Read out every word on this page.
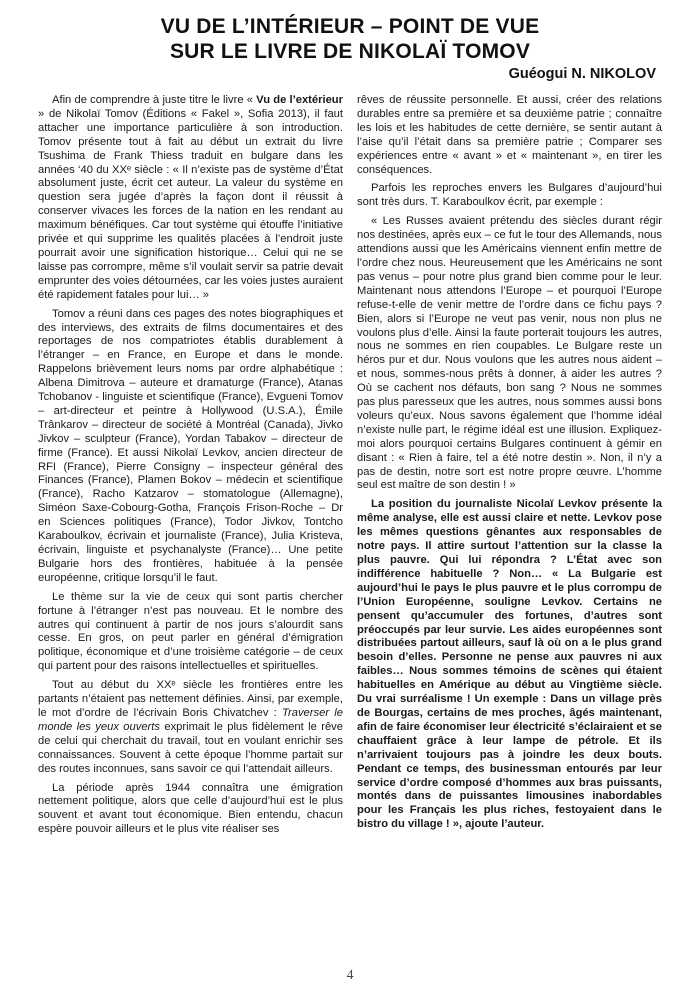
VU DE L’INTÉRIEUR – POINT DE VUE
SUR LE LIVRE DE NIKOLAÏ TOMOV
Guéogui N. NIKOLOV

Afin de comprendre à juste titre le livre « Vu de l’extérieur » de Nikolaï Tomov (Éditions « Fakel », Sofia 2013), il faut attacher une importance particulière à son introduction. Tomov présente tout à fait au début un extrait du livre Tsushima de Frank Thiess traduit en bulgare dans les années ‘40 du XXᵉ siècle : « Il n’existe pas de système d’État absolument juste, écrit cet auteur. La valeur du système en question sera jugée d’après la façon dont il réussit à conserver vivaces les forces de la nation en les rendant au maximum bénéfiques. Car tout système qui étouffe l’initiative privée et qui supprime les qualités placées à l’endroit juste pourrait avoir une signification historique… Celui qui ne se laisse pas corrompre, même s’il voulait servir sa patrie devait emprunter des voies détournées, car les voies justes auraient été rapidement fatales pour lui… »

Tomov a réuni dans ces pages des notes biographiques et des interviews, des extraits de films documentaires et des reportages de nos compatriotes établis durablement à l’étranger – en France, en Europe et dans le monde. Rappelons brièvement leurs noms par ordre alphabétique : Albena Dimitrova – auteure et dramaturge (France), Atanas Tchobanov - linguiste et scientifique (France), Evgueni Tomov – art-directeur et peintre à Hollywood (U.S.A.), Émile Trânkarov – directeur de société à Montréal (Canada), Jivko Jivkov – sculpteur (France), Yordan Tabakov – directeur de firme (France). Et aussi Nikolaï Levkov, ancien directeur de RFI (France), Pierre Consigny – inspecteur général des Finances (France), Plamen Bokov – médecin et scientifique (France), Racho Katzarov – stomatologue (Allemagne), Siméon Saxe-Cobourg-Gotha, François Frison-Roche – Dr en Sciences politiques (France), Todor Jivkov, Tontcho Karaboulkov, écrivain et journaliste (France), Julia Kristeva, écrivain, linguiste et psychanalyste (France)… Une petite Bulgarie hors des frontières, habituée à la pensée européenne, critique lorsqu’il le faut.

Le thème sur la vie de ceux qui sont partis chercher fortune à l’étranger n’est pas nouveau. Et le nombre des autres qui continuent à partir de nos jours s’alourdit sans cesse. En gros, on peut parler en général d’émigration politique, économique et d’une troisième catégorie – de ceux qui partent pour des raisons intellectuelles et spirituelles.

Tout au début du XXᵉ siècle les frontières entre les partants n’étaient pas nettement définies. Ainsi, par exemple, le mot d’ordre de l’écrivain Boris Chivatchev : Traverser le monde les yeux ouverts exprimait le plus fidèlement le rêve de celui qui cherchait du travail, tout en voulant enrichir ses connaissances. Souvent à cette époque l’homme partait sur des routes inconnues, sans savoir ce qui l’attendait ailleurs.

La période après 1944 connaîtra une émigration nettement politique, alors que celle d’aujourd’hui est le plus souvent et avant tout économique. Bien entendu, chacun espère pouvoir ailleurs et le plus vite réaliser ses

rêves de réussite personnelle. Et aussi, créer des relations durables entre sa première et sa deuxième patrie ; connaître les lois et les habitudes de cette dernière, se sentir autant à l’aise qu’il l’était dans sa première patrie ; Comparer ses expériences entre « avant » et « maintenant », en tirer les conséquences.

Parfois les reproches envers les Bulgares d’aujourd’hui sont très durs. T. Karaboulkov écrit, par exemple :

« Les Russes avaient prétendu des siècles durant régir nos destinées, après eux – ce fut le tour des Allemands, nous attendions aussi que les Américains viennent enfin mettre de l’ordre chez nous. Heureusement que les Américains ne sont pas venus – pour notre plus grand bien comme pour le leur. Maintenant nous attendons l’Europe – et pourquoi l’Europe refuse-t-elle de venir mettre de l’ordre dans ce fichu pays ? Bien, alors si l’Europe ne veut pas venir, nous non plus ne voulons plus d’elle. Ainsi la faute porterait toujours les autres, nous ne sommes en rien coupables. Le Bulgare reste un héros pur et dur. Nous voulons que les autres nous aident – et nous, sommes-nous prêts à donner, à aider les autres ? Où se cachent nos défauts, bon sang ? Nous ne sommes pas plus paresseux que les autres, nous sommes aussi bons voleurs qu’eux. Nous savons également que l’homme idéal n’existe nulle part, le régime idéal est une illusion. Expliquez-moi alors pourquoi certains Bulgares continuent à gémir en disant : « Rien à faire, tel a été notre destin ». Non, il n’y a pas de destin, notre sort est notre propre œuvre. L’homme seul est maître de son destin ! »

La position du journaliste Nicolaï Levkov présente la même analyse, elle est aussi claire et nette. Levkov pose les mêmes questions gênantes aux responsables de notre pays. Il attire surtout l’attention sur la classe la plus pauvre. Qui lui répondra ? L’État avec son indifférence habituelle ? Non… « La Bulgarie est aujourd’hui le pays le plus pauvre et le plus corrompu de l’Union Européenne, souligne Levkov. Certains ne pensent qu’accumuler des fortunes, d’autres sont préoccupés par leur survie. Les aides européennes sont distribuées partout ailleurs, sauf là où on a le plus grand besoin d’elles. Personne ne pense aux pauvres ni aux faibles… Nous sommes témoins de scènes qui étaient habituelles en Amérique au début au Vingtième siècle. Du vrai surréalisme ! Un exemple : Dans un village près de Bourgas, certains de mes proches, âgés maintenant, afin de faire économiser leur électricité s’éclairaient et se chauffaient grâce à leur lampe de pétrole. Et ils n’arrivaient toujours pas à joindre les deux bouts. Pendant ce temps, des businessman entourés par leur service d’ordre composé d’hommes aux bras puissants, montés dans de puissantes limousines inabordables pour les Français les plus riches, festoyaient dans le bistro du village ! », ajoute l’auteur.

4
